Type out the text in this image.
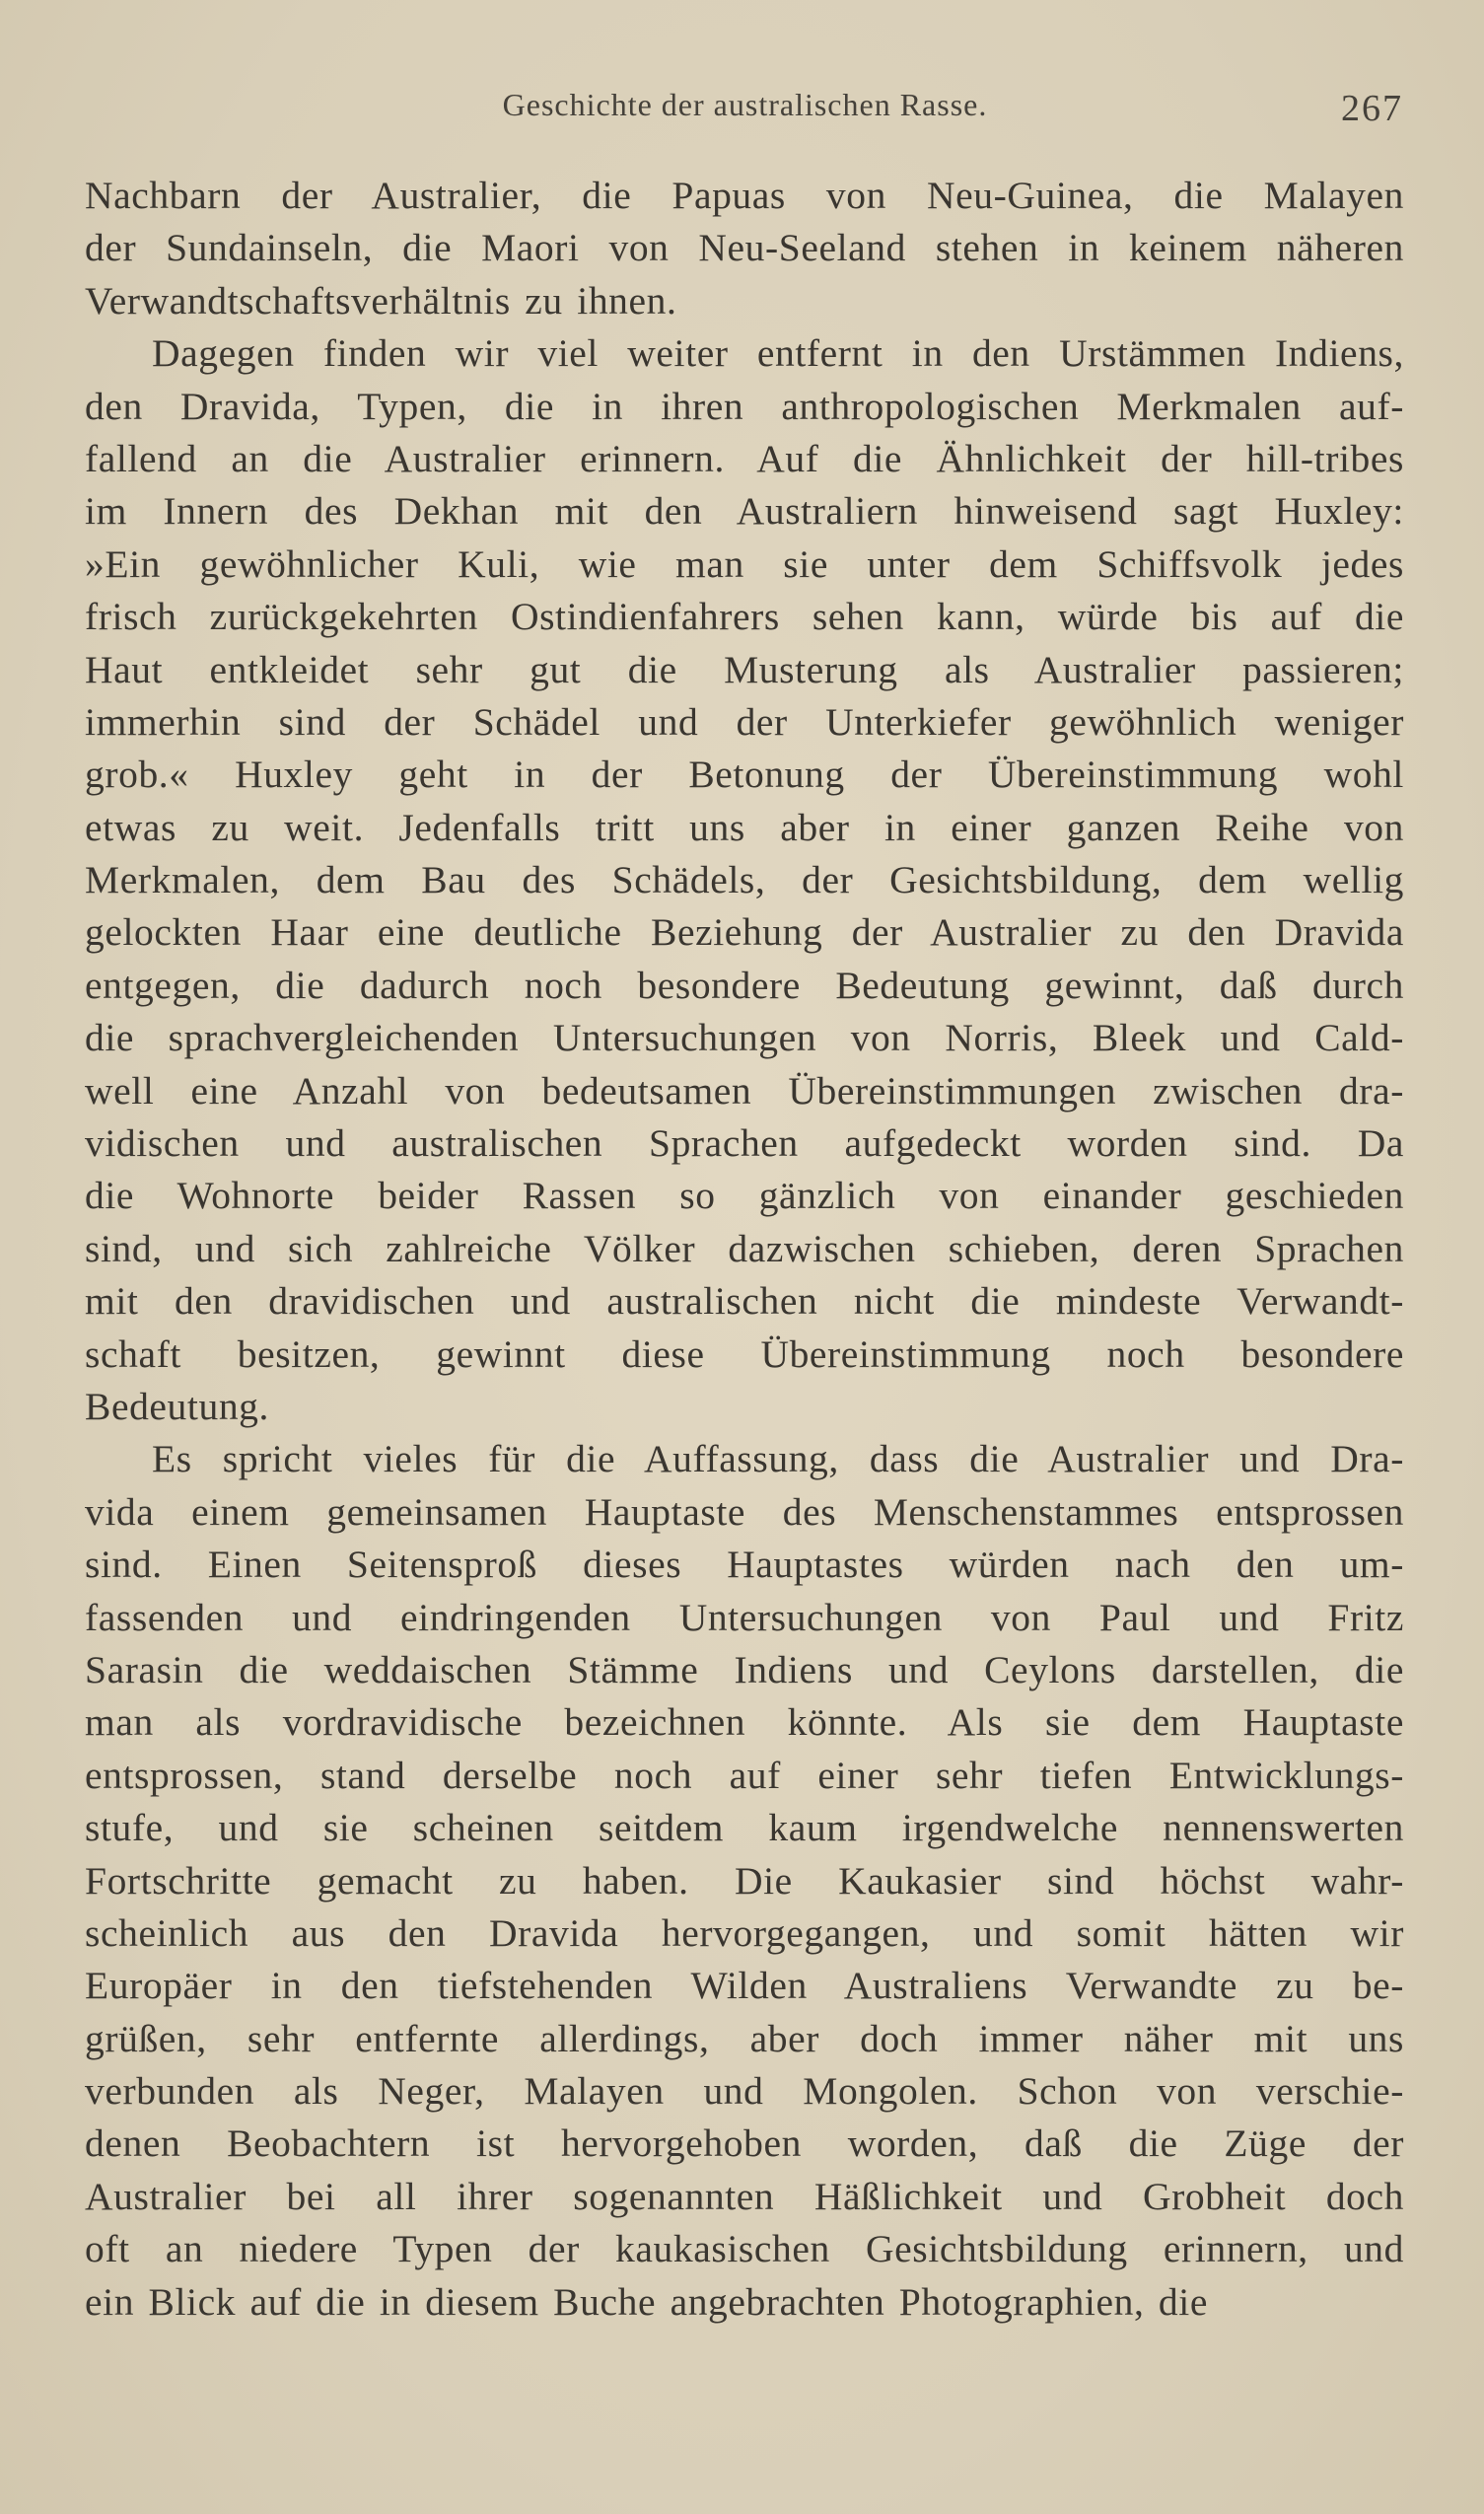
Geschichte der australischen Rasse.	267
Nachbarn der Australier, die Papuas von Neu-Guinea, die Malayen
der Sundainseln, die Maori von Neu-Seeland stehen in keinem näheren
Verwandtschaftsverhältnis zu ihnen.
Dagegen finden wir viel weiter entfernt in den Urstämmen Indiens,
den Dravida, Typen, die in ihren anthropologischen Merkmalen auf-
fallend an die Australier erinnern. Auf die Ähnlichkeit der hill-tribes
im Innern des Dekhan mit den Australiern hinweisend sagt Huxley:
»Ein gewöhnlicher Kuli, wie man sie unter dem Schiffsvolk jedes
frisch zurückgekehrten Ostindienfahrers sehen kann, würde bis auf die
Haut entkleidet sehr gut die Musterung als Australier passieren;
immerhin sind der Schädel und der Unterkiefer gewöhnlich weniger
grob.« Huxley geht in der Betonung der Übereinstimmung wohl
etwas zu weit. Jedenfalls tritt uns aber in einer ganzen Reihe von
Merkmalen, dem Bau des Schädels, der Gesichtsbildung, dem wellig
gelockten Haar eine deutliche Beziehung der Australier zu den Dravida
entgegen, die dadurch noch besondere Bedeutung gewinnt, daß durch
die sprachvergleichenden Untersuchungen von Norris, Bleek und Cald-
well eine Anzahl von bedeutsamen Übereinstimmungen zwischen dra-
vidischen und australischen Sprachen aufgedeckt worden sind. Da
die Wohnorte beider Rassen so gänzlich von einander geschieden
sind, und sich zahlreiche Völker dazwischen schieben, deren Sprachen
mit den dravidischen und australischen nicht die mindeste Verwandt-
schaft besitzen, gewinnt diese Übereinstimmung noch besondere
Bedeutung.
Es spricht vieles für die Auffassung, dass die Australier und Dra-
vida einem gemeinsamen Hauptaste des Menschenstammes entsprossen
sind. Einen Seitensproß dieses Hauptastes würden nach den um-
fassenden und eindringenden Untersuchungen von Paul und Fritz
Sarasin die weddaischen Stämme Indiens und Ceylons darstellen, die
man als vordravidische bezeichnen könnte. Als sie dem Hauptaste
entsprossen, stand derselbe noch auf einer sehr tiefen Entwicklungs-
stufe, und sie scheinen seitdem kaum irgendwelche nennenswerten
Fortschritte gemacht zu haben. Die Kaukasier sind höchst wahr-
scheinlich aus den Dravida hervorgegangen, und somit hätten wir
Europäer in den tiefstehenden Wilden Australiens Verwandte zu be-
grüßen, sehr entfernte allerdings, aber doch immer näher mit uns
verbunden als Neger, Malayen und Mongolen. Schon von verschie-
denen Beobachtern ist hervorgehoben worden, daß die Züge der
Australier bei all ihrer sogenannten Häßlichkeit und Grobheit doch
oft an niedere Typen der kaukasischen Gesichtsbildung erinnern, und
ein Blick auf die in diesem Buche angebrachten Photographien, die
